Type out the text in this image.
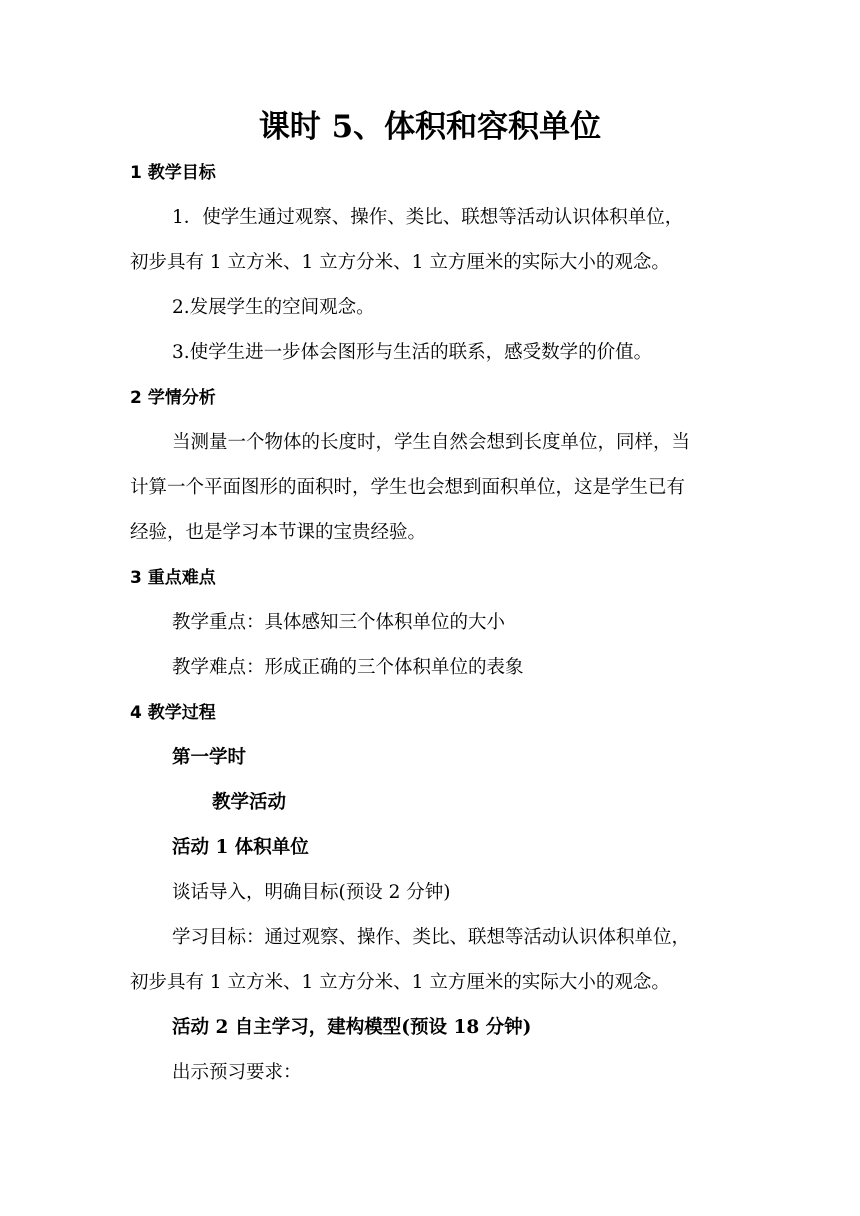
课时 5、体积和容积单位
1 教学目标
1．使学生通过观察、操作、类比、联想等活动认识体积单位，
初步具有 1 立方米、1 立方分米、1 立方厘米的实际大小的观念。
2.发展学生的空间观念。
3.使学生进一步体会图形与生活的联系，感受数学的价值。
2 学情分析
当测量一个物体的长度时，学生自然会想到长度单位，同样，当
计算一个平面图形的面积时，学生也会想到面积单位，这是学生已有
经验，也是学习本节课的宝贵经验。
3 重点难点
教学重点：具体感知三个体积单位的大小
教学难点：形成正确的三个体积单位的表象
4 教学过程
第一学时
教学活动
活动 1 体积单位
谈话导入，明确目标(预设 2 分钟)
学习目标：通过观察、操作、类比、联想等活动认识体积单位，
初步具有 1 立方米、1 立方分米、1 立方厘米的实际大小的观念。
活动 2 自主学习，建构模型(预设 18 分钟)
出示预习要求：
